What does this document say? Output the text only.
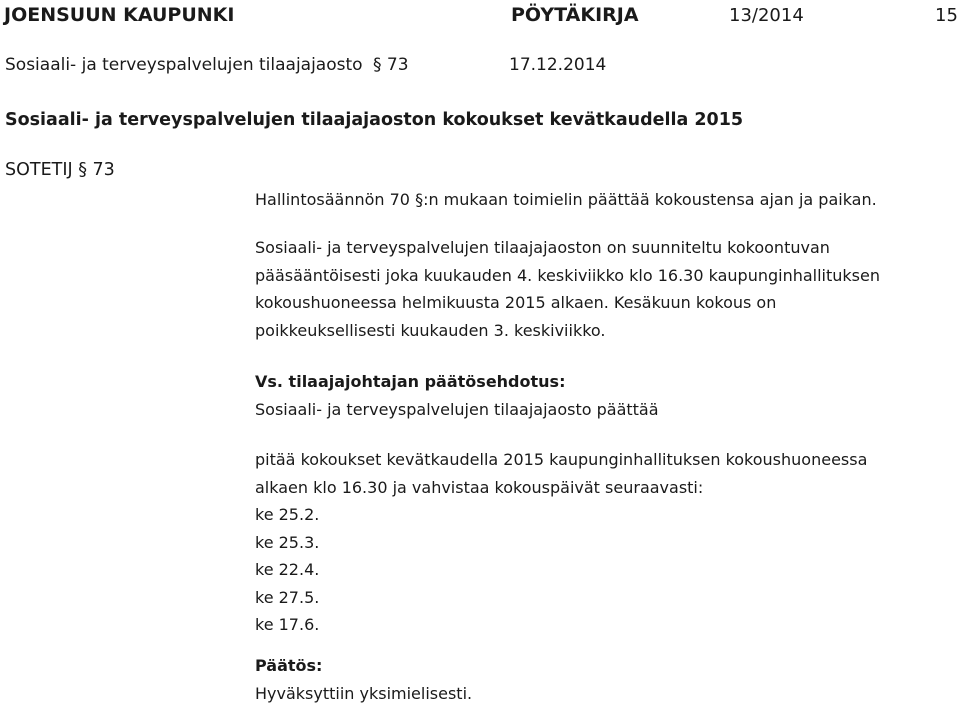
JOENSUUN KAUPUNKI	PÖYTÄKIRJA	13/2014	15
Sosiaali- ja terveyspalvelujen tilaajajaosto § 73	17.12.2014
Sosiaali- ja terveyspalvelujen tilaajajaoston kokoukset kevätkaudella 2015
SOTETIJ § 73

Hallintosäännön 70 §:n mukaan toimielin päättää kokoustensa ajan ja paikan.

Sosiaali- ja terveyspalvelujen tilaajajaoston on suunniteltu kokoontuvan
pääsääntöisesti joka kuukauden 4. keskiviikko klo 16.30 kaupunginhallituksen
kokoushuoneessa helmikuusta 2015 alkaen. Kesäkuun kokous on
poikkeuksellisesti kuukauden 3. keskiviikko.
Vs. tilaajajohtajan päätösehdotus:
Sosiaali- ja terveyspalvelujen tilaajajaosto päättää
pitää kokoukset kevätkaudella 2015 kaupunginhallituksen kokoushuoneessa
alkaen klo 16.30 ja vahvistaa kokouspäivät seuraavasti:
ke 25.2.
ke 25.3.
ke 22.4.
ke 27.5.
ke 17.6.
Päätös:
Hyväksyttiin yksimielisesti.
